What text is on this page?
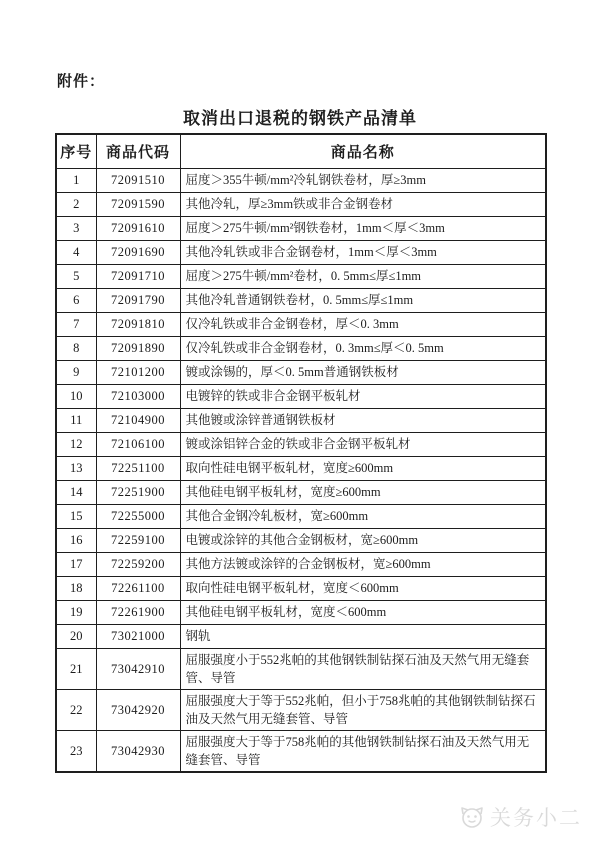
附件：
取消出口退税的钢铁产品清单
序号	商品代码	商品名称
1	72091510	屈度＞355牛顿/mm²冷轧钢铁卷材，厚≥3mm
2	72091590	其他冷轧，厚≥3mm铁或非合金钢卷材
3	72091610	屈度＞275牛顿/mm²钢铁卷材，1mm＜厚＜3mm
4	72091690	其他冷轧铁或非合金钢卷材，1mm＜厚＜3mm
5	72091710	屈度＞275牛顿/mm²卷材，0. 5mm≤厚≤1mm
6	72091790	其他冷轧普通钢铁卷材，0. 5mm≤厚≤1mm
7	72091810	仅冷轧铁或非合金钢卷材，厚＜0. 3mm
8	72091890	仅冷轧铁或非合金钢卷材，0. 3mm≤厚＜0. 5mm
9	72101200	镀或涂锡的，厚＜0. 5mm普通钢铁板材
10	72103000	电镀锌的铁或非合金钢平板轧材
11	72104900	其他镀或涂锌普通钢铁板材
12	72106100	镀或涂铝锌合金的铁或非合金钢平板轧材
13	72251100	取向性硅电钢平板轧材，宽度≥600mm
14	72251900	其他硅电钢平板轧材，宽度≥600mm
15	72255000	其他合金钢冷轧板材，宽≥600mm
16	72259100	电镀或涂锌的其他合金钢板材，宽≥600mm
17	72259200	其他方法镀或涂锌的合金钢板材，宽≥600mm
18	72261100	取向性硅电钢平板轧材，宽度＜600mm
19	72261900	其他硅电钢平板轧材，宽度＜600mm
20	73021000	钢轨
21	73042910	屈服强度小于552兆帕的其他钢铁制钻探石油及天然气用无缝套管、导管
22	73042920	屈服强度大于等于552兆帕，但小于758兆帕的其他钢铁制钻探石油及天然气用无缝套管、导管
23	73042930	屈服强度大于等于758兆帕的其他钢铁制钻探石油及天然气用无缝套管、导管
关务小二
